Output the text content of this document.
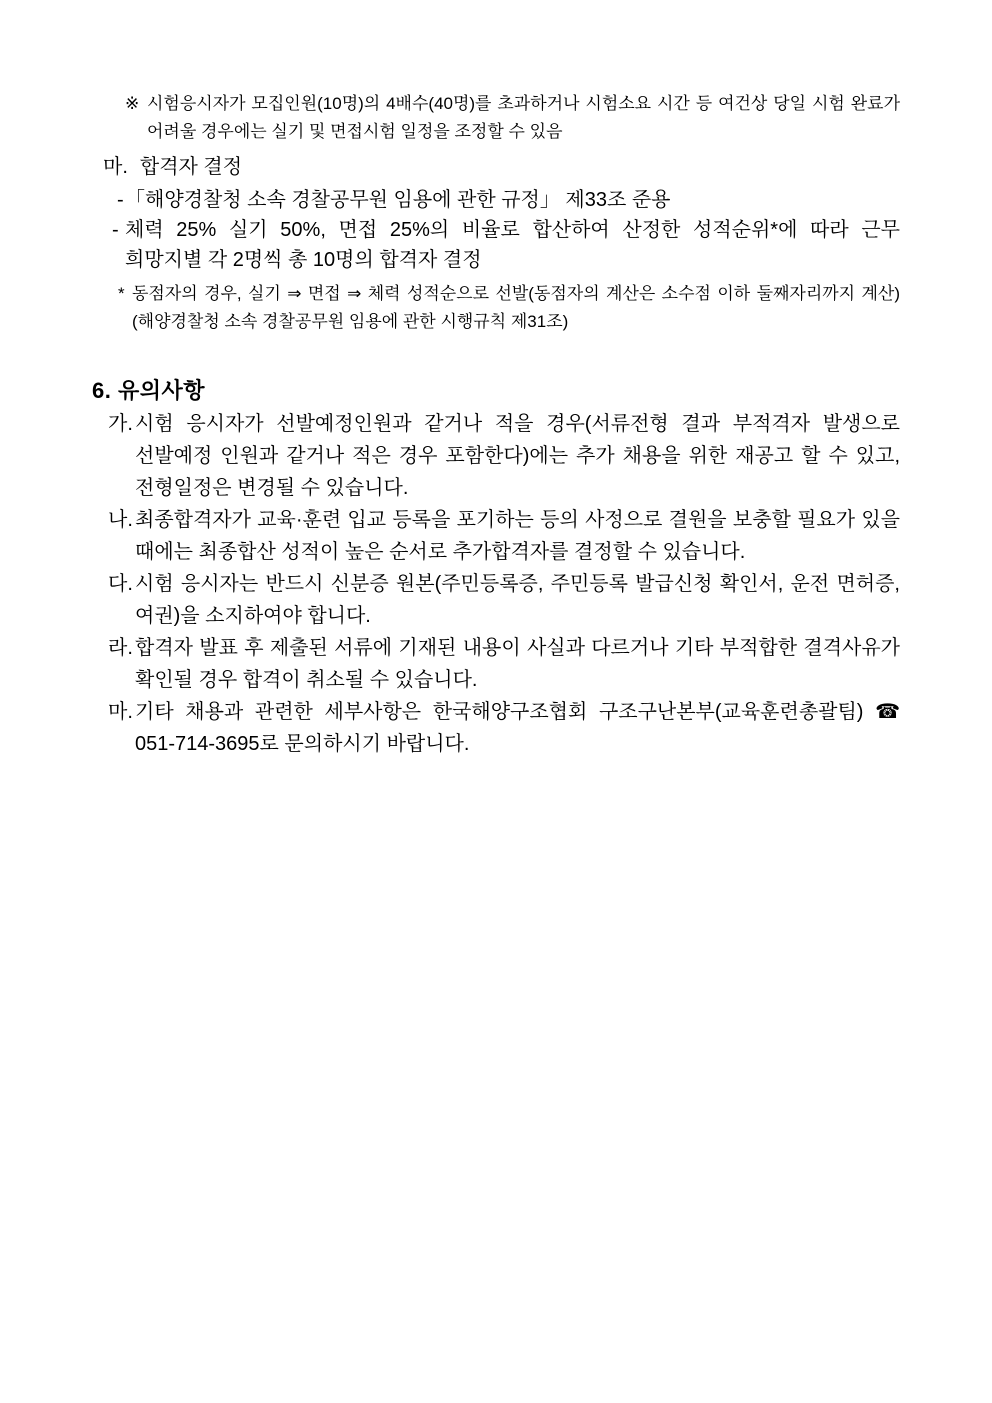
※ 시험응시자가 모집인원(10명)의 4배수(40명)를 초과하거나 시험소요 시간 등 여건상 당일 시험 완료가 어려울 경우에는 실기 및 면접시험 일정을 조정할 수 있음
마. 합격자 결정
- 「해양경찰청 소속 경찰공무원 임용에 관한 규정」 제33조 준용
- 체력 25% 실기 50%, 면접 25%의 비율로 합산하여 산정한 성적순위*에 따라 근무 희망지별 각 2명씩 총 10명의 합격자 결정
* 동점자의 경우, 실기 ⇒ 면접 ⇒ 체력 성적순으로 선발(동점자의 계산은 소수점 이하 둘째자리까지 계산) (해양경찰청 소속 경찰공무원 임용에 관한 시행규칙 제31조)
6. 유의사항
가. 시험 응시자가 선발예정인원과 같거나 적을 경우(서류전형 결과 부적격자 발생으로 선발예정 인원과 같거나 적은 경우 포함한다)에는 추가 채용을 위한 재공고 할 수 있고, 전형일정은 변경될 수 있습니다.
나. 최종합격자가 교육·훈련 입교 등록을 포기하는 등의 사정으로 결원을 보충할 필요가 있을 때에는 최종합산 성적이 높은 순서로 추가합격자를 결정할 수 있습니다.
다. 시험 응시자는 반드시 신분증 원본(주민등록증, 주민등록 발급신청 확인서, 운전 면허증, 여권)을 소지하여야 합니다.
라. 합격자 발표 후 제출된 서류에 기재된 내용이 사실과 다르거나 기타 부적합한 결격사유가 확인될 경우 합격이 취소될 수 있습니다.
마. 기타 채용과 관련한 세부사항은 한국해양구조협회 구조구난본부(교육훈련총괄팀) ☎ 051-714-3695로 문의하시기 바랍니다.
